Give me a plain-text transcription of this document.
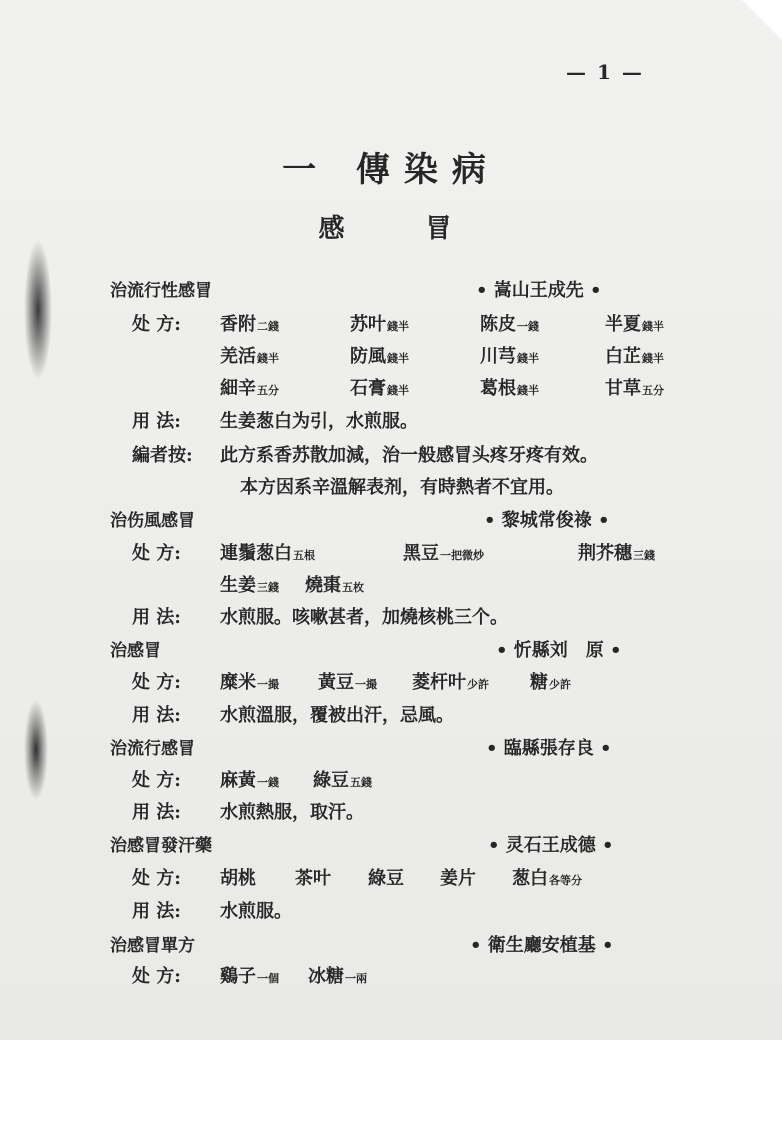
— 1 —
一 傳染病
感 冒
治流行性感冒	• 嵩山王成先 •
处 方: 香附二錢	苏叶錢半	陈皮一錢	半夏錢半
羌活錢半	防風錢半	川芎錢半	白芷錢半
細辛五分	石膏錢半	葛根錢半	甘草五分
用 法: 生姜葱白为引，水煎服。
編者按: 此方系香苏散加減，治一般感冒头疼牙疼有效。
本方因系辛溫解表剂，有時熱者不宜用。
治伤風感冒	• 黎城常俊祿 •
处 方: 連鬚葱白五根	黑豆一把微炒	荆芥穗三錢
生姜三錢 燒棗五枚
用 法: 水煎服。咳嗽甚者，加燒核桃三个。
治感冒	• 忻縣刘　原 •
处 方: 糜米一撮 黃豆一撮 菱杆叶少許 糖少許
用 法: 水煎溫服，覆被出汗，忌風。
治流行感冒	• 臨縣張存良 •
处 方: 麻黃一錢 綠豆五錢
用 法: 水煎熱服，取汗。
治感冒發汗藥	• 灵石王成德 •
处 方: 胡桃 茶叶 綠豆 姜片 葱白各等分
用 法: 水煎服。
治感冒單方	• 衛生廳安植基 •
处 方: 鷄子一個 冰糖一兩
